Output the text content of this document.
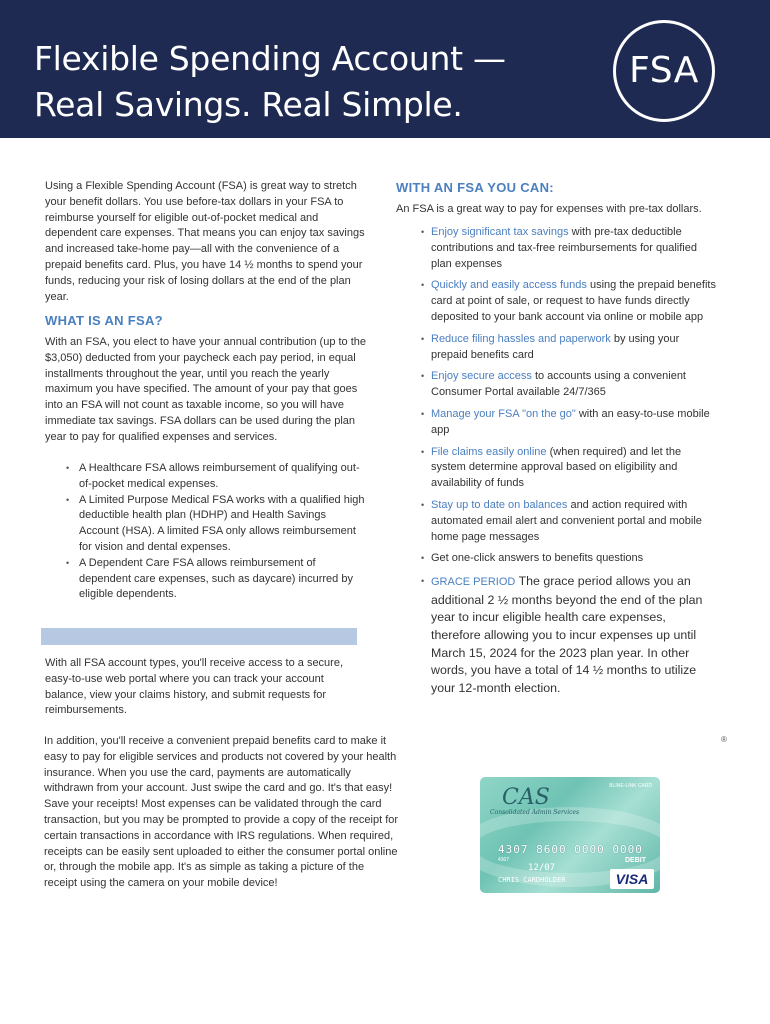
Flexible Spending Account —
Real Savings. Real Simple.
FSA
Using a Flexible Spending Account (FSA) is great way to stretch your benefit dollars. You use before-tax dollars in your FSA to reimburse yourself for eligible out-of-pocket medical and dependent care expenses. That means you can enjoy tax savings and increased take-home pay—all with the convenience of a prepaid benefits card. Plus, you have 14 ½ months to spend your funds, reducing your risk of losing dollars at the end of the plan year.
WHAT IS AN FSA?
With an FSA, you elect to have your annual contribution (up to the $3,050) deducted from your paycheck each pay period, in equal installments throughout the year, until you reach the yearly maximum you have specified. The amount of your pay that goes into an FSA will not count as taxable income, so you will have immediate tax savings. FSA dollars can be used during the plan year to pay for qualified expenses and services.
• A Healthcare FSA allows reimbursement of qualifying out-of-pocket medical expenses.
• A Limited Purpose Medical FSA works with a qualified high deductible health plan (HDHP) and Health Savings Account (HSA). A limited FSA only allows reimbursement for vision and dental expenses.
• A Dependent Care FSA allows reimbursement of dependent care expenses, such as daycare) incurred by eligible dependents.
With all FSA account types, you'll receive access to a secure, easy-to-use web portal where you can track your account balance, view your claims history, and submit requests for reimbursements.
In addition, you'll receive a convenient prepaid benefits card to make it easy to pay for eligible services and products not covered by your health insurance. When you use the card, payments are automatically withdrawn from your account. Just swipe the card and go. It's that easy! Save your receipts! Most expenses can be validated through the card transaction, but you may be prompted to provide a copy of the receipt for certain transactions in accordance with IRS regulations. When required, receipts can be easily sent uploaded to either the consumer portal online or, through the mobile app. It's as simple as taking a picture of the receipt using the camera on your mobile device!
WITH AN FSA YOU CAN:
An FSA is a great way to pay for expenses with pre-tax dollars.
• Enjoy significant tax savings with pre-tax deductible contributions and tax-free reimbursements for qualified plan expenses
• Quickly and easily access funds using the prepaid benefits card at point of sale, or request to have funds directly deposited to your bank account via online or mobile app
• Reduce filing hassles and paperwork by using your prepaid benefits card
• Enjoy secure access to accounts using a convenient Consumer Portal available 24/7/365
• Manage your FSA "on the go" with an easy-to-use mobile app
• File claims easily online (when required) and let the system determine approval based on eligibility and availability of funds
• Stay up to date on balances and action required with automated email alert and convenient portal and mobile home page messages
• Get one-click answers to benefits questions
• GRACE PERIOD The grace period allows you an additional 2 ½ months beyond the end of the plan year to incur eligible health care expenses, therefore allowing you to incur expenses up until March 15, 2024 for the 2023 plan year. In other words, you have a total of 14 ½ months to utilize your 12-month election.
®
BLINE-LINK CARD
CAS
Consolidated Admin Services
4307 8600 0000 0000
4307
12/07
CHRIS CARDHOLDER
DEBIT
VISA
